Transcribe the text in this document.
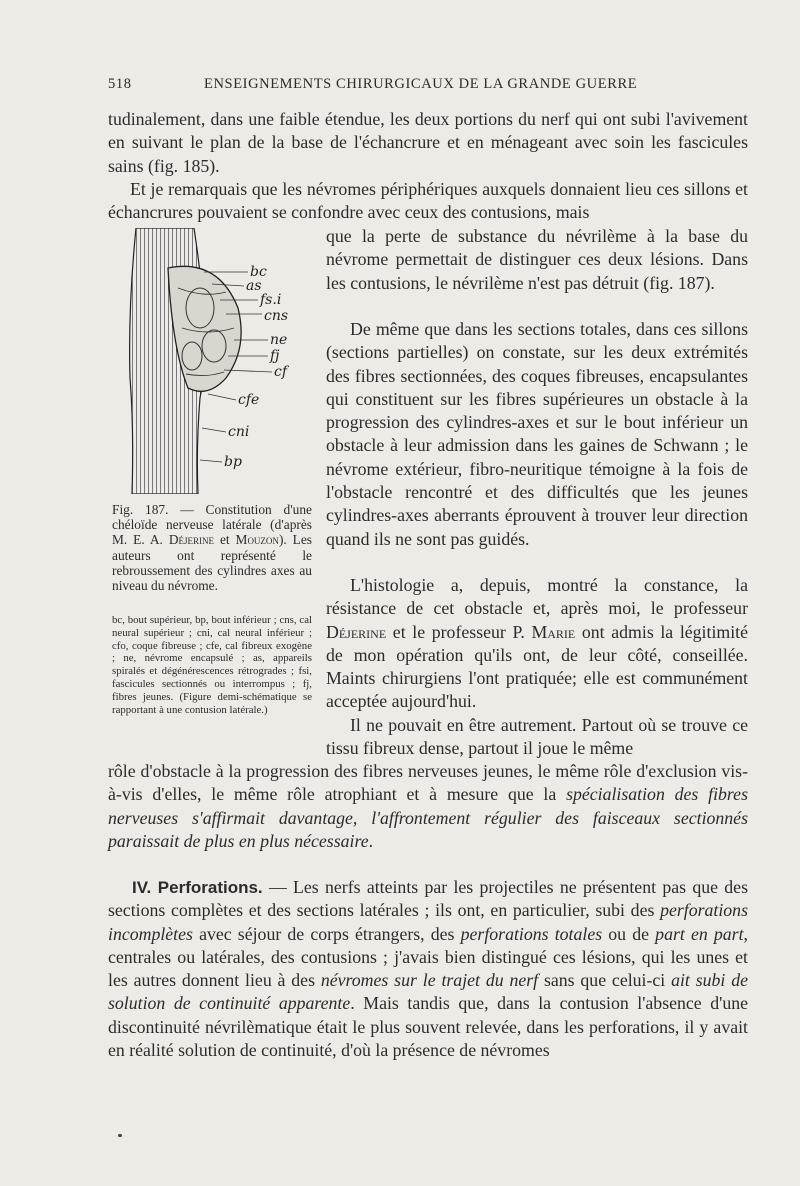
518	ENSEIGNEMENTS CHIRURGICAUX DE LA GRANDE GUERRE

tudinalement, dans une faible étendue, les deux portions du nerf qui ont subi l'avivement en suivant le plan de la base de l'échancrure et en ménageant avec soin les fascicules sains (fig. 185).

Et je remarquais que les névromes périphériques auxquels donnaient lieu ces sillons et échancrures pouvaient se confondre avec ceux des contusions, mais

que la perte de substance du névrilème à la base du névrome permettait de distinguer ces deux lésions. Dans les contusions, le névrilème n'est pas détruit (fig. 187).

De même que dans les sections totales, dans ces sillons (sections partielles) on constate, sur les deux extrémités des fibres sectionnées, des coques fibreuses, encapsulantes qui constituent sur les fibres supérieures un obstacle à la progression des cylindres-axes et sur le bout inférieur un obstacle à leur admission dans les gaines de Schwann ; le névrome extérieur, fibro-neuritique témoigne à la fois de l'obstacle rencontré et des difficultés que les jeunes cylindres-axes aberrants éprouvent à trouver leur direction quand ils ne sont pas guidés.

L'histologie a, depuis, montré la constance, la résistance de cet obstacle et, après moi, le professeur Déjerine et le professeur P. Marie ont admis la légitimité de mon opération qu'ils ont, de leur côté, conseillée. Maints chirurgiens l'ont pratiquée; elle est communément acceptée aujourd'hui.

Il ne pouvait en être autrement. Partout où se trouve ce tissu fibreux dense, partout il joue le même

rôle d'obstacle à la progression des fibres nerveuses jeunes, le même rôle d'exclusion vis-à-vis d'elles, le même rôle atrophiant et à mesure que la spécialisation des fibres nerveuses s'affirmait davantage, l'affrontement régulier des faisceaux sectionnés paraissait de plus en plus nécessaire.

IV. Perforations. — Les nerfs atteints par les projectiles ne présentent pas que des sections complètes et des sections latérales ; ils ont, en particulier, subi des perforations incomplètes avec séjour de corps étrangers, des perforations totales ou de part en part, centrales ou latérales, des contusions ; j'avais bien distingué ces lésions, qui les unes et les autres donnent lieu à des névromes sur le trajet du nerf sans que celui-ci ait subi de solution de continuité apparente. Mais tandis que, dans la contusion l'absence d'une discontinuité névrilèmatique était le plus souvent relevée, dans les perforations, il y avait en réalité solution de continuité, d'où la présence de névromes

bc
as
fs.i
cns
ne
fj
cf
cfe
cni
bp
Fig. 187. — Constitution d'une chéloïde nerveuse latérale (d'après M. E. A. Déjerine et Mouzon). Les auteurs ont représenté le rebroussement des cylindres axes au niveau du névrome.
bc, bout supérieur, bp, bout inférieur ; cns, cal neural supérieur ; cni, cal neural inférieur ; cfo, coque fibreuse ; cfe, cal fibreux exogène ; ne, névrome encapsulé ; as, appareils spiralés et dégénérescences rétrogrades ; fsi, fascicules sectionnés ou interrompus ; fj, fibres jeunes. (Figure demi-schématique se rapportant à une contusion latérale.)
